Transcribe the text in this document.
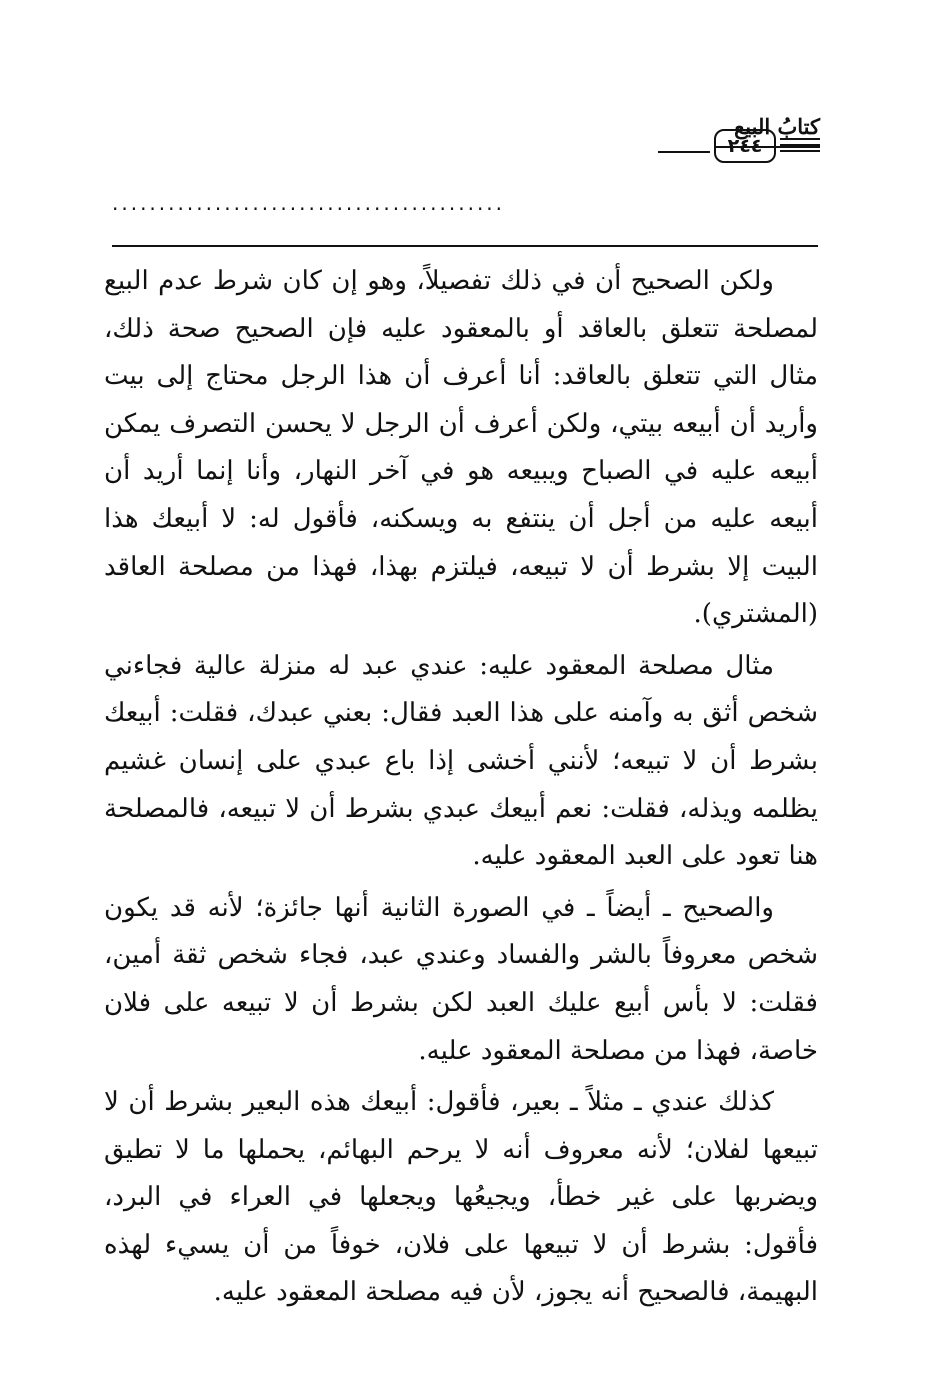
كتابُ البيع
٢٤٤
..........................................

ولكن الصحيح أن في ذلك تفصيلاً، وهو إن كان شرط عدم البيع لمصلحة تتعلق بالعاقد أو بالمعقود عليه فإن الصحيح صحة ذلك، مثال التي تتعلق بالعاقد: أنا أعرف أن هذا الرجل محتاج إلى بيت وأريد أن أبيعه بيتي، ولكن أعرف أن الرجل لا يحسن التصرف يمكن أبيعه عليه في الصباح ويبيعه هو في آخر النهار، وأنا إنما أريد أن أبيعه عليه من أجل أن ينتفع به ويسكنه، فأقول له: لا أبيعك هذا البيت إلا بشرط أن لا تبيعه، فيلتزم بهذا، فهذا من مصلحة العاقد (المشتري).

مثال مصلحة المعقود عليه: عندي عبد له منزلة عالية فجاءني شخص أثق به وآمنه على هذا العبد فقال: بعني عبدك، فقلت: أبيعك بشرط أن لا تبيعه؛ لأنني أخشى إذا باع عبدي على إنسان غشيم يظلمه ويذله، فقلت: نعم أبيعك عبدي بشرط أن لا تبيعه، فالمصلحة هنا تعود على العبد المعقود عليه.

والصحيح ـ أيضاً ـ في الصورة الثانية أنها جائزة؛ لأنه قد يكون شخص معروفاً بالشر والفساد وعندي عبد، فجاء شخص ثقة أمين، فقلت: لا بأس أبيع عليك العبد لكن بشرط أن لا تبيعه على فلان خاصة، فهذا من مصلحة المعقود عليه.

كذلك عندي ـ مثلاً ـ بعير، فأقول: أبيعك هذه البعير بشرط أن لا تبيعها لفلان؛ لأنه معروف أنه لا يرحم البهائم، يحملها ما لا تطيق ويضربها على غير خطأ، ويجيعُها ويجعلها في العراء في البرد، فأقول: بشرط أن لا تبيعها على فلان، خوفاً من أن يسيء لهذه البهيمة، فالصحيح أنه يجوز، لأن فيه مصلحة المعقود عليه.
